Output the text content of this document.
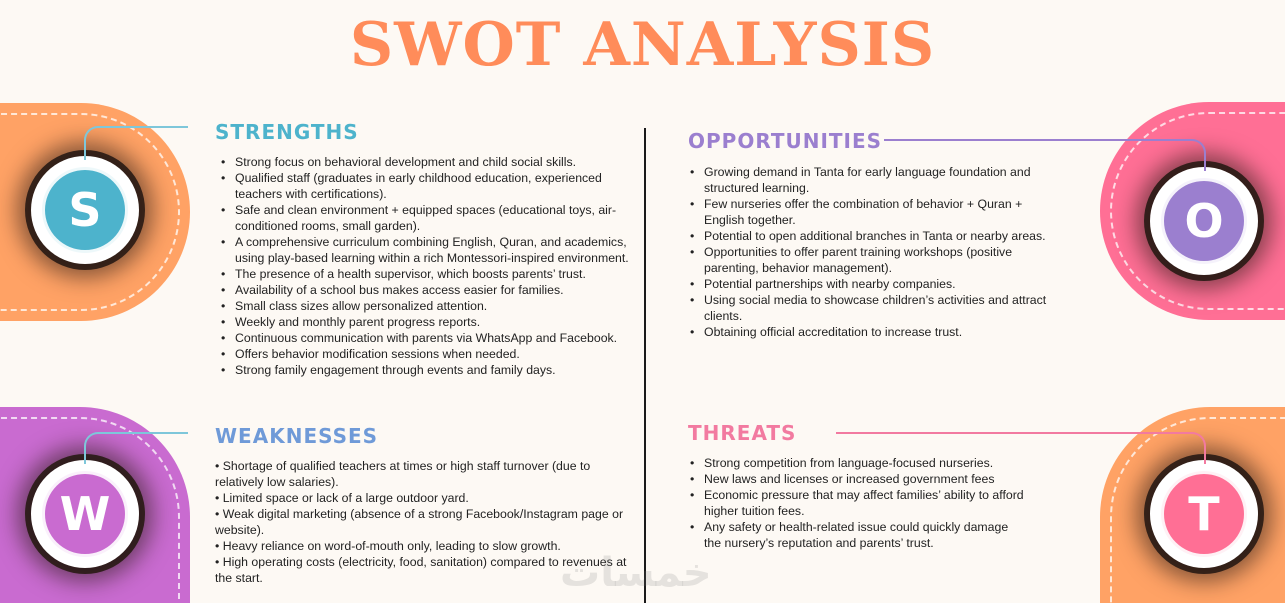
SWOT ANALYSIS
S
STRENGTHS
• Strong focus on behavioral development and child social skills.
• Qualified staff (graduates in early childhood education, experienced teachers with certifications).
• Safe and clean environment + equipped spaces (educational toys, air-conditioned rooms, small garden).
• A comprehensive curriculum combining English, Quran, and academics, using play-based learning within a rich Montessori-inspired environment.
• The presence of a health supervisor, which boosts parents’ trust.
• Availability of a school bus makes access easier for families.
• Small class sizes allow personalized attention.
• Weekly and monthly parent progress reports.
• Continuous communication with parents via WhatsApp and Facebook.
• Offers behavior modification sessions when needed.
• Strong family engagement through events and family days.
W
WEAKNESSES
• Shortage of qualified teachers at times or high staff turnover (due to relatively low salaries).
• Limited space or lack of a large outdoor yard.
• Weak digital marketing (absence of a strong Facebook/Instagram page or website).
• Heavy reliance on word-of-mouth only, leading to slow growth.
• High operating costs (electricity, food, sanitation) compared to revenues at the start.
O
OPPORTUNITIES
• Growing demand in Tanta for early language foundation and structured learning.
• Few nurseries offer the combination of behavior + Quran + English together.
• Potential to open additional branches in Tanta or nearby areas.
• Opportunities to offer parent training workshops (positive parenting, behavior management).
• Potential partnerships with nearby companies.
• Using social media to showcase children’s activities and attract clients.
• Obtaining official accreditation to increase trust.
T
THREATS
• Strong competition from language-focused nurseries.
• New laws and licenses or increased government fees
• Economic pressure that may affect families’ ability to afford higher tuition fees.
• Any safety or health-related issue could quickly damage the nursery’s reputation and parents’ trust.
خمسات
